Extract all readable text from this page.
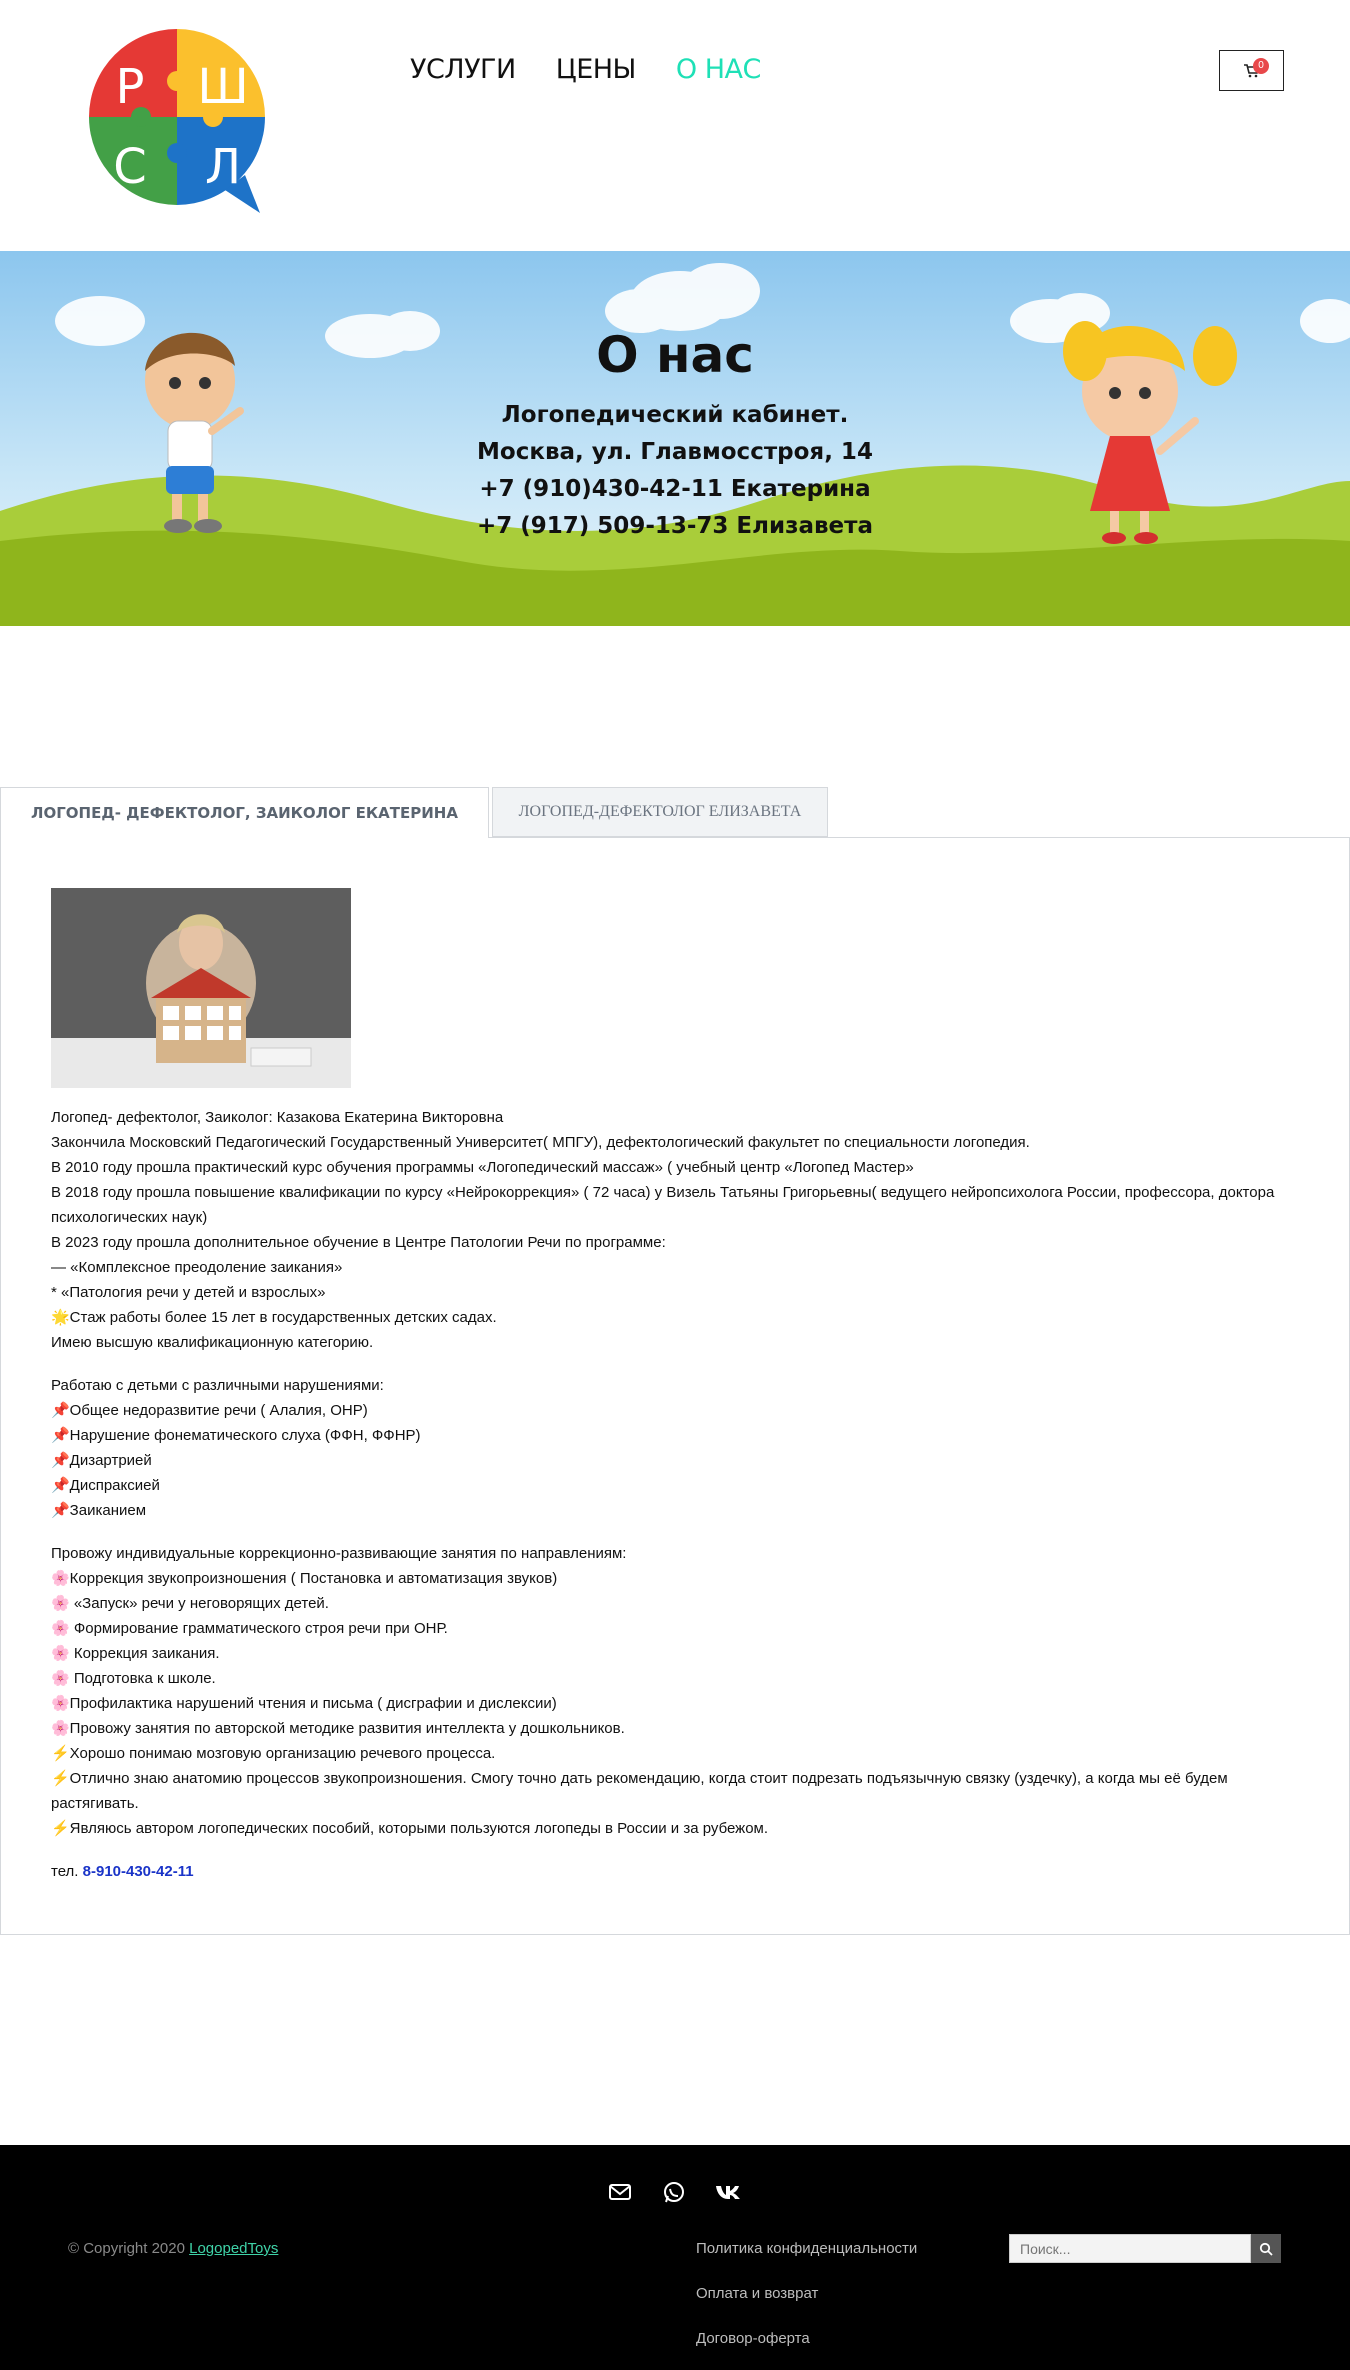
Р Ш
С Л
УСЛУГИ ЦЕНЫ О НАС	0
О нас
Логопедический кабинет.
Москва, ул. Главмосстроя, 14
+7 (910)430-42-11 Екатерина
+7 (917) 509-13-73 Елизавета
ЛОГОПЕД- ДЕФЕКТОЛОГ, ЗАИКОЛОГ ЕКАТЕРИНА	ЛОГОПЕД-ДЕФЕКТОЛОГ ЕЛИЗАВЕТА

Логопед- дефектолог, Заиколог: Казакова Екатерина Викторовна
Закончила Московский Педагогический Государственный Университет( МПГУ), дефектологический факультет по специальности логопедия.
В 2010 году прошла практический курс обучения программы «Логопедический массаж» ( учебный центр «Логопед Мастер»
В 2018 году прошла повышение квалификации по курсу «Нейрокоррекция» ( 72 часа) у Визель Татьяны Григорьевны( ведущего нейропсихолога России, профессора, доктора психологических наук)
В 2023 году прошла дополнительное обучение в Центре Патологии Речи по программе:
— «Комплексное преодоление заикания»
* «Патология речи у детей и взрослых»
🌟Стаж работы более 15 лет в государственных детских садах.
Имею высшую квалификационную категорию.

Работаю с детьми с различными нарушениями:
📌Общее недоразвитие речи ( Алалия, ОНР)
📌Нарушение фонематического слуха (ФФН, ФФНР)
📌Дизартрией
📌Диспраксией
📌Заиканием

Провожу индивидуальные коррекционно-развивающие занятия по направлениям:
🌸Коррекция звукопроизношения ( Постановка и автоматизация звуков)
🌸 «Запуск» речи у неговорящих детей.
🌸 Формирование грамматического строя речи при ОНР.
🌸 Коррекция заикания.
🌸 Подготовка к школе.
🌸Профилактика нарушений чтения и письма ( дисграфии и дислексии)
🌸Провожу занятия по авторской методике развития интеллекта у дошкольников.
⚡Хорошо понимаю мозговую организацию речевого процесса.
⚡Отлично знаю анатомию процессов звукопроизношения. Смогу точно дать рекомендацию, когда стоит подрезать подъязычную связку (уздечку), а когда мы её будем растягивать.
⚡Являюсь автором логопедических пособий, которыми пользуются логопеды в России и за рубежом.

тел. 8-910-430-42-11

© Copyright 2020 LogopedToys	Политика конфиденциальности
Оплата и возврат
Договор-оферта
Поиск...
